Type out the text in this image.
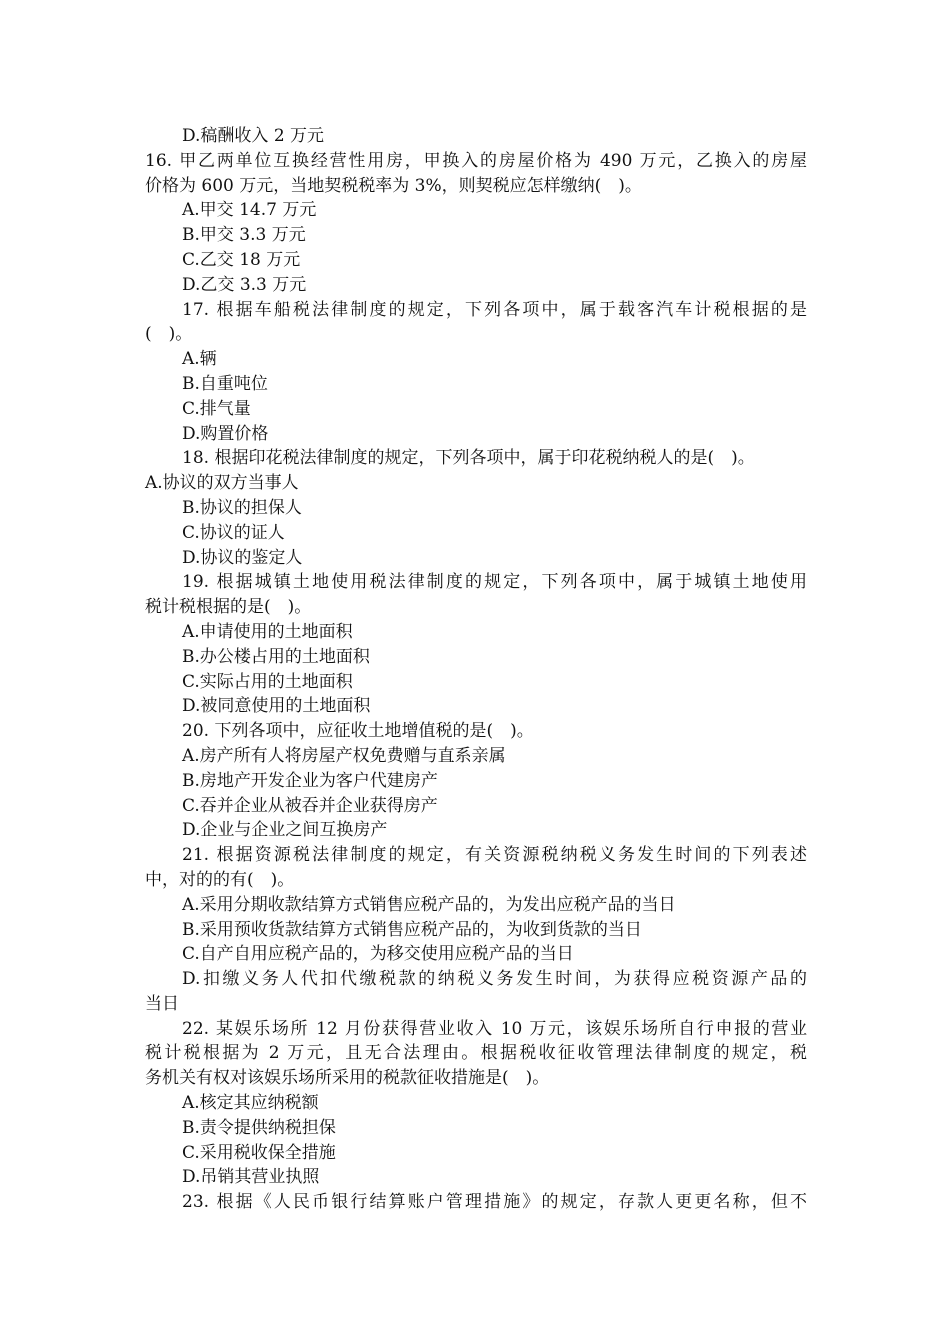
D.稿酬收入 2 万元
16. 甲乙两单位互换经营性用房，甲换入的房屋价格为 490 万元，乙换入的房屋
价格为 600 万元，当地契税税率为 3%，则契税应怎样缴纳(　)。
A.甲交 14.7 万元
B.甲交 3.3 万元
C.乙交 18 万元
D.乙交 3.3 万元
17. 根据车船税法律制度的规定，下列各项中，属于载客汽车计税根据的是
(　)。
A.辆
B.自重吨位
C.排气量
D.购置价格
18. 根据印花税法律制度的规定，下列各项中，属于印花税纳税人的是(　)。
A.协议的双方当事人
B.协议的担保人
C.协议的证人
D.协议的鉴定人
19. 根据城镇土地使用税法律制度的规定，下列各项中，属于城镇土地使用
税计税根据的是(　)。
A.申请使用的土地面积
B.办公楼占用的土地面积
C.实际占用的土地面积
D.被同意使用的土地面积
20. 下列各项中，应征收土地增值税的是(　)。
A.房产所有人将房屋产权免费赠与直系亲属
B.房地产开发企业为客户代建房产
C.吞并企业从被吞并企业获得房产
D.企业与企业之间互换房产
21. 根据资源税法律制度的规定，有关资源税纳税义务发生时间的下列表述
中，对的的有(　)。
A.采用分期收款结算方式销售应税产品的，为发出应税产品的当日
B.采用预收货款结算方式销售应税产品的，为收到货款的当日
C.自产自用应税产品的，为移交使用应税产品的当日
D.扣缴义务人代扣代缴税款的纳税义务发生时间，为获得应税资源产品的
当日
22. 某娱乐场所 12 月份获得营业收入 10 万元，该娱乐场所自行申报的营业
税计税根据为 2 万元，且无合法理由。根据税收征收管理法律制度的规定，税
务机关有权对该娱乐场所采用的税款征收措施是(　)。
A.核定其应纳税额
B.责令提供纳税担保
C.采用税收保全措施
D.吊销其营业执照
23. 根据《人民币银行结算账户管理措施》的规定，存款人更更名称，但不
